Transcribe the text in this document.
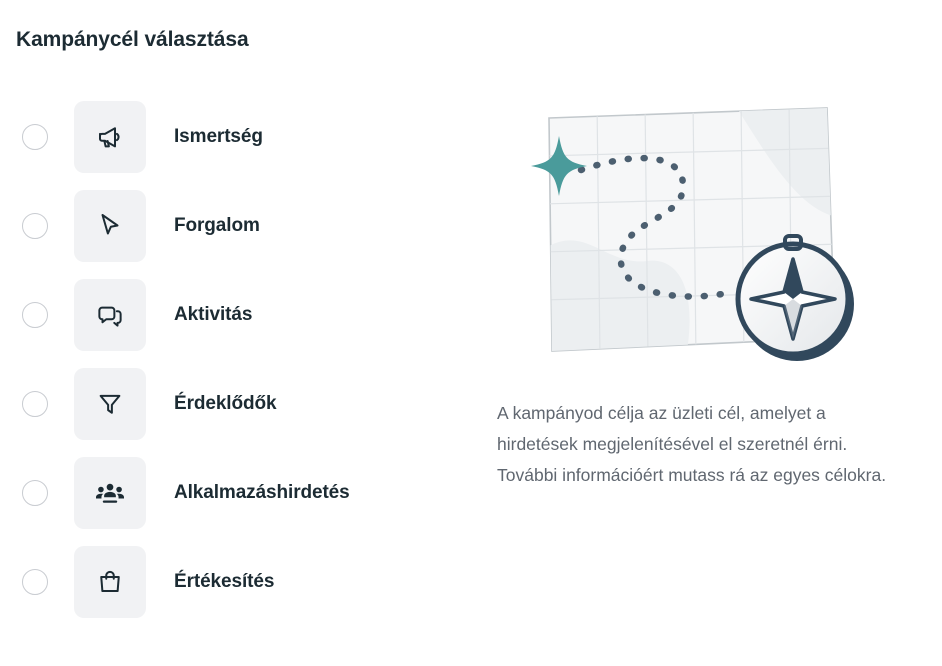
Kampánycél választása
Ismertség
Forgalom
Aktivitás
Érdeklődők
Alkalmazáshirdetés
Értékesítés
A kampányod célja az üzleti cél, amelyet a hirdetések megjelenítésével el szeretnél érni. További információért mutass rá az egyes célokra.
